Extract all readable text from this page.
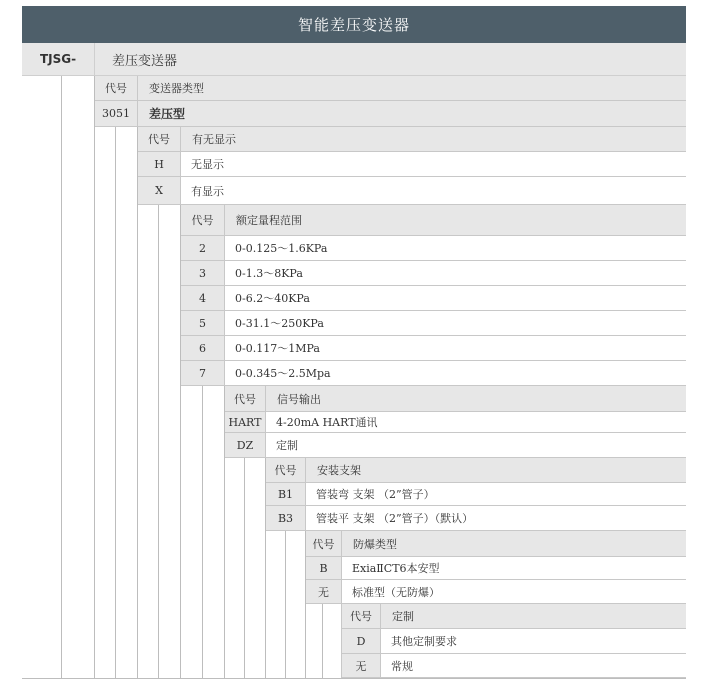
智能差压变送器
TJSG-	差压变送器
代号	变送器类型
3051	差压型
代号	有无显示
H	无显示
X	有显示
代号	额定量程范围
2	0-0.125～1.6KPa
3	0-1.3～8KPa
4	0-6.2～40KPa
5	0-31.1～250KPa
6	0-0.117～1MPa
7	0-0.345～2.5Mpa
代号	信号输出
HART	4-20mA HART通讯
DZ	定制
代号	安装支架
B1	管装弯 支架 （2”管子）
B3	管装平 支架 （2”管子）（默认）
代号	防爆类型
B	ExiaⅡCT6本安型
无	标准型（无防爆）
代号	定制
D	其他定制要求
无	常规
